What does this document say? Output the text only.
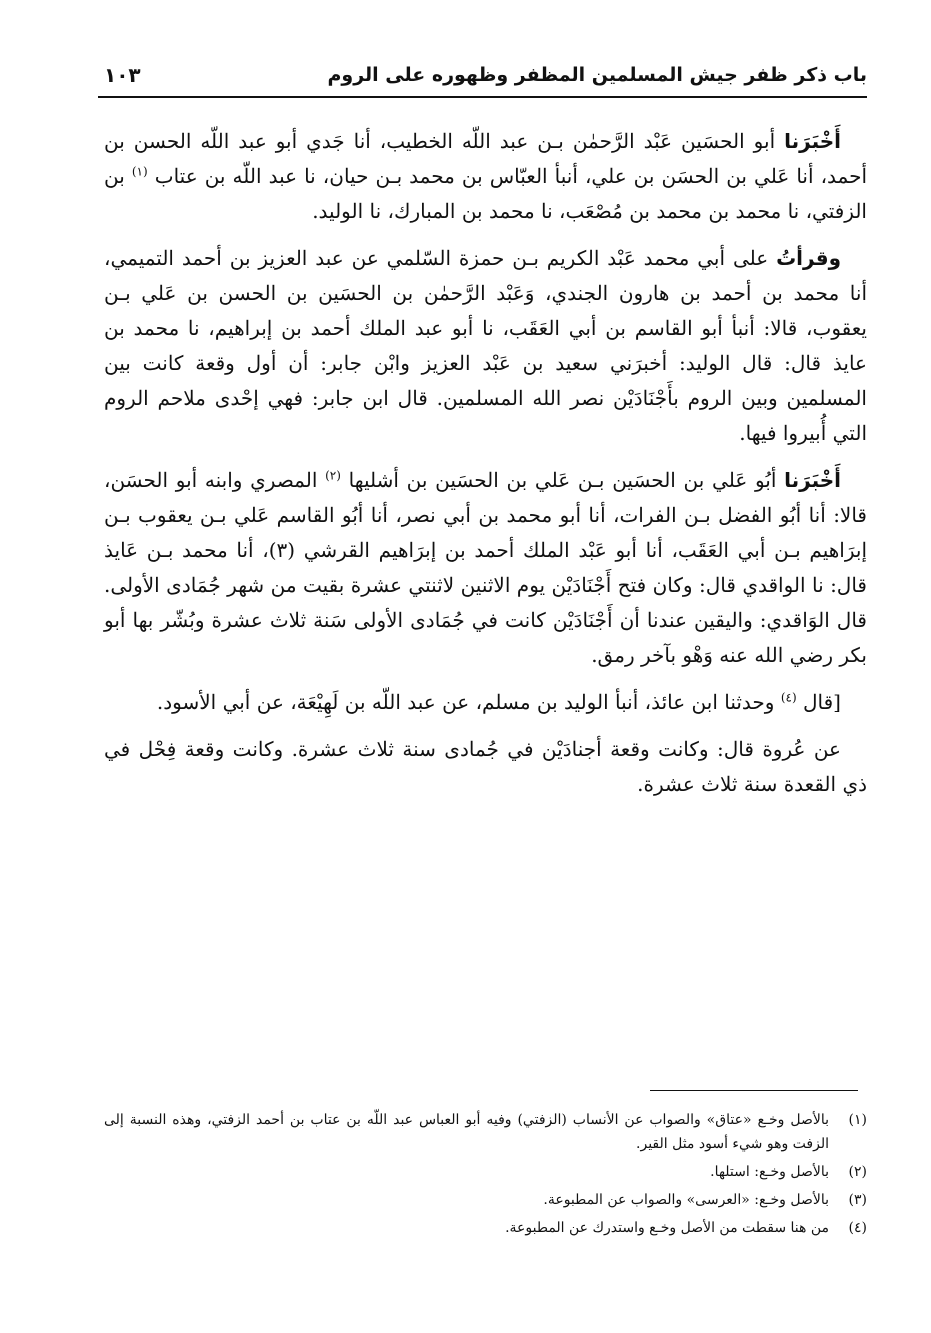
باب ذكر ظفر جيش المسلمين المظفر وظهوره على الروم
١٠٣

أَخْبَرَنا أبو الحسَين عَبْد الرَّحمٰن بـن عبد اللّه الخطيب، أنا جَدي أبو عبد اللّه الحسن بن أحمد، أنا عَلي بن الحسَن بن علي، أنبأ العبّاس بن محمد بـن حيان، نا عبد اللّه بن عتاب $^{(١)}$ بن الزفتي، نا محمد بن محمد بن مُصْعَب، نا محمد بن المبارك، نا الوليد.

وقرأتُ على أبي محمد عَبْد الكريم بـن حمزة السّلمي عن عبد العزيز بن أحمد التميمي، أنا محمد بن أحمد بن هارون الجندي، وَعَبْد الرَّحمٰن بن الحسَين بن الحسن بن عَلي بـن يعقوب، قالا: أنبأ أبو القاسم بن أبي العَقَب، نا أبو عبد الملك أحمد بن إبراهيم، نا محمد بن عايذ قال: قال الوليد: أخبرَني سعيد بن عَبْد العزيز وابْن جابر: أن أول وقعة كانت بين المسلمين وبين الروم بأَجْنَادَيْن نصر الله المسلمين. قال ابن جابر: فهي إحْدى ملاحم الروم التي أُبيروا فيها.

أَخْبَرَنا أبُو عَلي بن الحسَين بـن عَلي بن الحسَين بن أشليها $^{(٢)}$ المصري وابنه أبو الحسَن، قالا: أنا أبُو الفضل بـن الفرات، أنا أبو محمد بن أبي نصر، أنا أبُو القاسم عَلي بـن يعقوب بـن إبرَاهيم بـن أبي العَقَب، أنا أبو عَبْد الملك أحمد بن إبرَاهيم القرشي (٣)، أنا محمد بـن عَايذ قال: نا الواقدي قال: وكان فتح أَجْنَادَيْن يوم الاثنين لاثنتي عشرة بقيت من شهر جُمَادى الأولى. قال الوَاقدي: واليقين عندنا أن أَجْنَادَيْن كانت في جُمَادى الأولى سَنة ثلاث عشرة وبُشّر بها أبو بكر رضي الله عنه وَهْو بآخر رمق.

[قال $^{(٤)}$ وحدثنا ابن عائذ، أنبأ الوليد بن مسلم، عن عبد اللّه بن لَهِيْعَة، عن أبي الأسود.

عن عُروة قال: وكانت وقعة أجنادَيْن في جُمادى سنة ثلاث عشرة. وكانت وقعة فِحْل في ذي القعدة سنة ثلاث عشرة.

(١)
بالأصل وخـع «عتاق» والصواب عن الأنساب (الزفتي) وفيه أبو العباس عبد اللّه بن عتاب بن أحمد الزفتي، وهذه النسبة إلى الزفت وهو شيء أسود مثل القير.
(٢)
بالأصل وخـع: استلها.
(٣)
بالأصل وخـع: «العرسى» والصواب عن المطبوعة.
(٤)
من هنا سقطت من الأصل وخـع واستدرك عن المطبوعة.
